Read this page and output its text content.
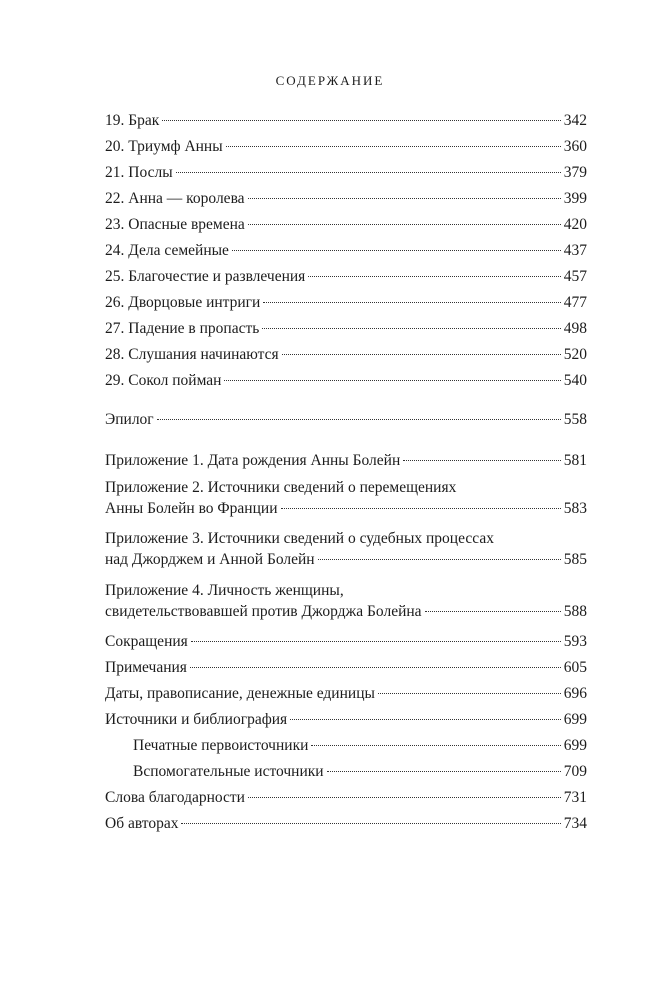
СОДЕРЖАНИЕ
19. Брак	342
20. Триумф Анны	360
21. Послы	379
22. Анна — королева	399
23. Опасные времена	420
24. Дела семейные	437
25. Благочестие и развлечения	457
26. Дворцовые интриги	477
27. Падение в пропасть	498
28. Слушания начинаются	520
29. Сокол пойман	540
Эпилог	558
Приложение 1. Дата рождения Анны Болейн	581
Приложение 2. Источники сведений о перемещениях
Анны Болейн во Франции	583
Приложение 3. Источники сведений о судебных процессах
над Джорджем и Анной Болейн	585
Приложение 4. Личность женщины,
свидетельствовавшей против Джорджа Болейна	588
Сокращения	593
Примечания	605
Даты, правописание, денежные единицы	696
Источники и библиография	699
Печатные первоисточники	699
Вспомогательные источники	709
Слова благодарности	731
Об авторах	734
